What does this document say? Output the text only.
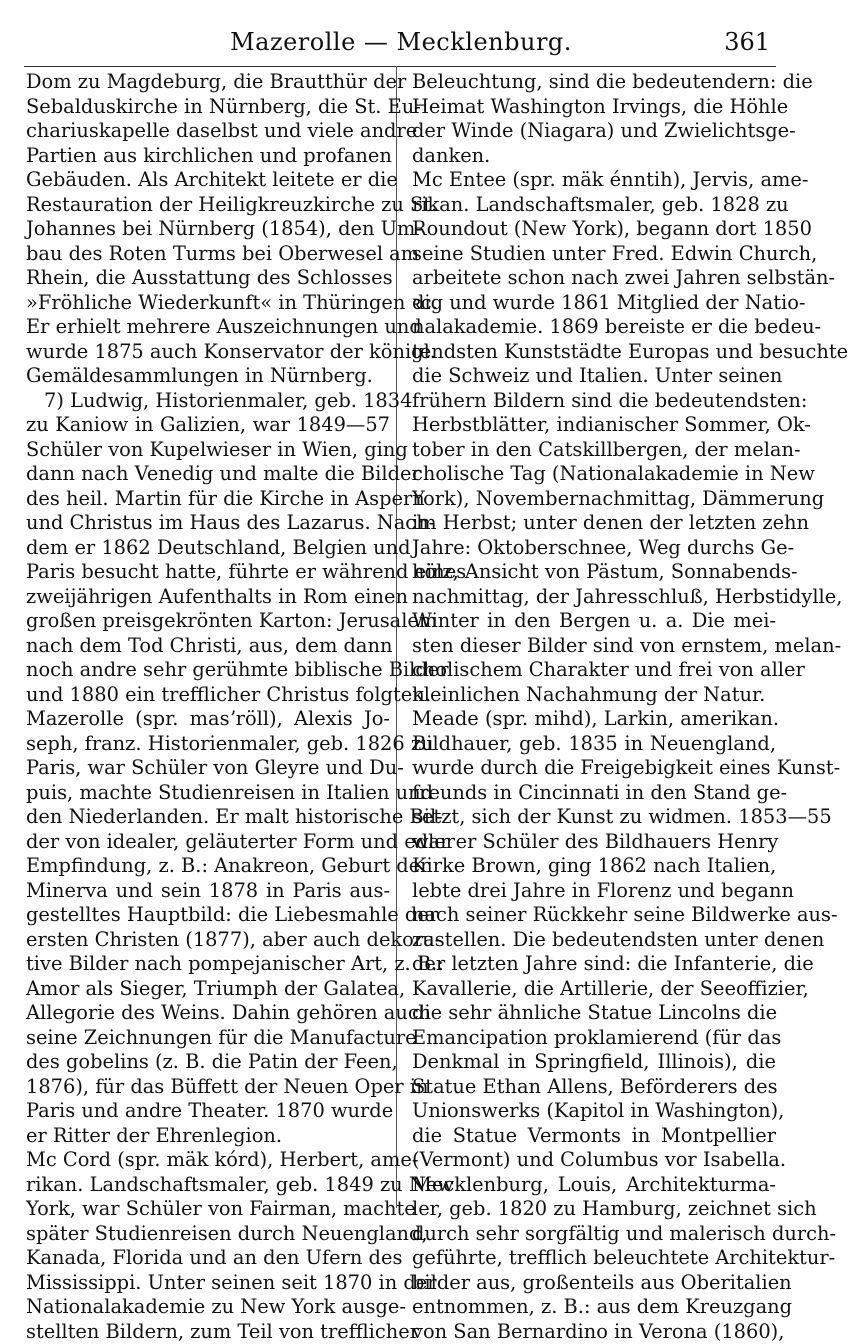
Mazerolle — Mecklenburg.	361
Dom zu Magdeburg, die Brautthür der
Sebalduskirche in Nürnberg, die St. Eu-
chariuskapelle daselbst und viele andre
Partien aus kirchlichen und profanen
Gebäuden. Als Architekt leitete er die
Restauration der Heiligkreuzkirche zu St.
Johannes bei Nürnberg (1854), den Um-
bau des Roten Turms bei Oberwesel am
Rhein, die Ausstattung des Schlosses
»Fröhliche Wiederkunft« in Thüringen ꝛc.
Er erhielt mehrere Auszeichnungen und
wurde 1875 auch Konservator der königl.
Gemäldesammlungen in Nürnberg.
7) Ludwig, Historienmaler, geb. 1834
zu Kaniow in Galizien, war 1849—57
Schüler von Kupelwieser in Wien, ging
dann nach Venedig und malte die Bilder
des heil. Martin für die Kirche in Aspern
und Christus im Haus des Lazarus. Nach-
dem er 1862 Deutschland, Belgien und
Paris besucht hatte, führte er während eines
zweijährigen Aufenthalts in Rom einen
großen preisgekrönten Karton: Jerusalem
nach dem Tod Christi, aus, dem dann
noch andre sehr gerühmte biblische Bilder
und 1880 ein trefflicher Christus folgten.
Mazerolle (spr. masʼröll), Alexis Jo-
seph, franz. Historienmaler, geb. 1826 zu
Paris, war Schüler von Gleyre und Du-
puis, machte Studienreisen in Italien und
den Niederlanden. Er malt historische Bil-
der von idealer, geläuterter Form und edler
Empfindung, z. B.: Anakreon, Geburt der
Minerva und sein 1878 in Paris aus-
gestelltes Hauptbild: die Liebesmahle der
ersten Christen (1877), aber auch dekora-
tive Bilder nach pompejanischer Art, z. B.:
Amor als Sieger, Triumph der Galatea,
Allegorie des Weins. Dahin gehören auch
seine Zeichnungen für die Manufacture
des gobelins (z. B. die Patin der Feen,
1876), für das Büffett der Neuen Oper in
Paris und andre Theater. 1870 wurde
er Ritter der Ehrenlegion.
Mc Cord (spr. mäk kórd), Herbert, ame-
rikan. Landschaftsmaler, geb. 1849 zu New
York, war Schüler von Fairman, machte
später Studienreisen durch Neuengland,
Kanada, Florida und an den Ufern des
Mississippi. Unter seinen seit 1870 in der
Nationalakademie zu New York ausge-
stellten Bildern, zum Teil von trefflicher
Beleuchtung, sind die bedeutendern: die
Heimat Washington Irvings, die Höhle
der Winde (Niagara) und Zwielichtsge-
danken.
Mc Entee (spr. mäk énntih), Jervis, ame-
rikan. Landschaftsmaler, geb. 1828 zu
Roundout (New York), begann dort 1850
seine Studien unter Fred. Edwin Church,
arbeitete schon nach zwei Jahren selbstän-
dig und wurde 1861 Mitglied der Natio-
nalakademie. 1869 bereiste er die bedeu-
tendsten Kunststädte Europas und besuchte
die Schweiz und Italien. Unter seinen
frühern Bildern sind die bedeutendsten:
Herbstblätter, indianischer Sommer, Ok-
tober in den Catskillbergen, der melan-
cholische Tag (Nationalakademie in New
York), Novembernachmittag, Dämmerung
im Herbst; unter denen der letzten zehn
Jahre: Oktoberschnee, Weg durchs Ge-
hölz, Ansicht von Pästum, Sonnabends-
nachmittag, der Jahresschluß, Herbstidylle,
Winter in den Bergen u. a. Die mei-
sten dieser Bilder sind von ernstem, melan-
cholischem Charakter und frei von aller
kleinlichen Nachahmung der Natur.
Meade (spr. mihd), Larkin, amerikan.
Bildhauer, geb. 1835 in Neuengland,
wurde durch die Freigebigkeit eines Kunst-
freunds in Cincinnati in den Stand ge-
setzt, sich der Kunst zu widmen. 1853—55
war er Schüler des Bildhauers Henry
Kirke Brown, ging 1862 nach Italien,
lebte drei Jahre in Florenz und begann
nach seiner Rückkehr seine Bildwerke aus-
zustellen. Die bedeutendsten unter denen
der letzten Jahre sind: die Infanterie, die
Kavallerie, die Artillerie, der Seeoffizier,
die sehr ähnliche Statue Lincolns die
Emancipation proklamierend (für das
Denkmal in Springfield, Illinois), die
Statue Ethan Allens, Beförderers des
Unionswerks (Kapitol in Washington),
die Statue Vermonts in Montpellier
(Vermont) und Columbus vor Isabella.
Mecklenburg, Louis, Architekturma-
ler, geb. 1820 zu Hamburg, zeichnet sich
durch sehr sorgfältig und malerisch durch-
geführte, trefflich beleuchtete Architektur-
bilder aus, großenteils aus Oberitalien
entnommen, z. B.: aus dem Kreuzgang
von San Bernardino in Verona (1860),
